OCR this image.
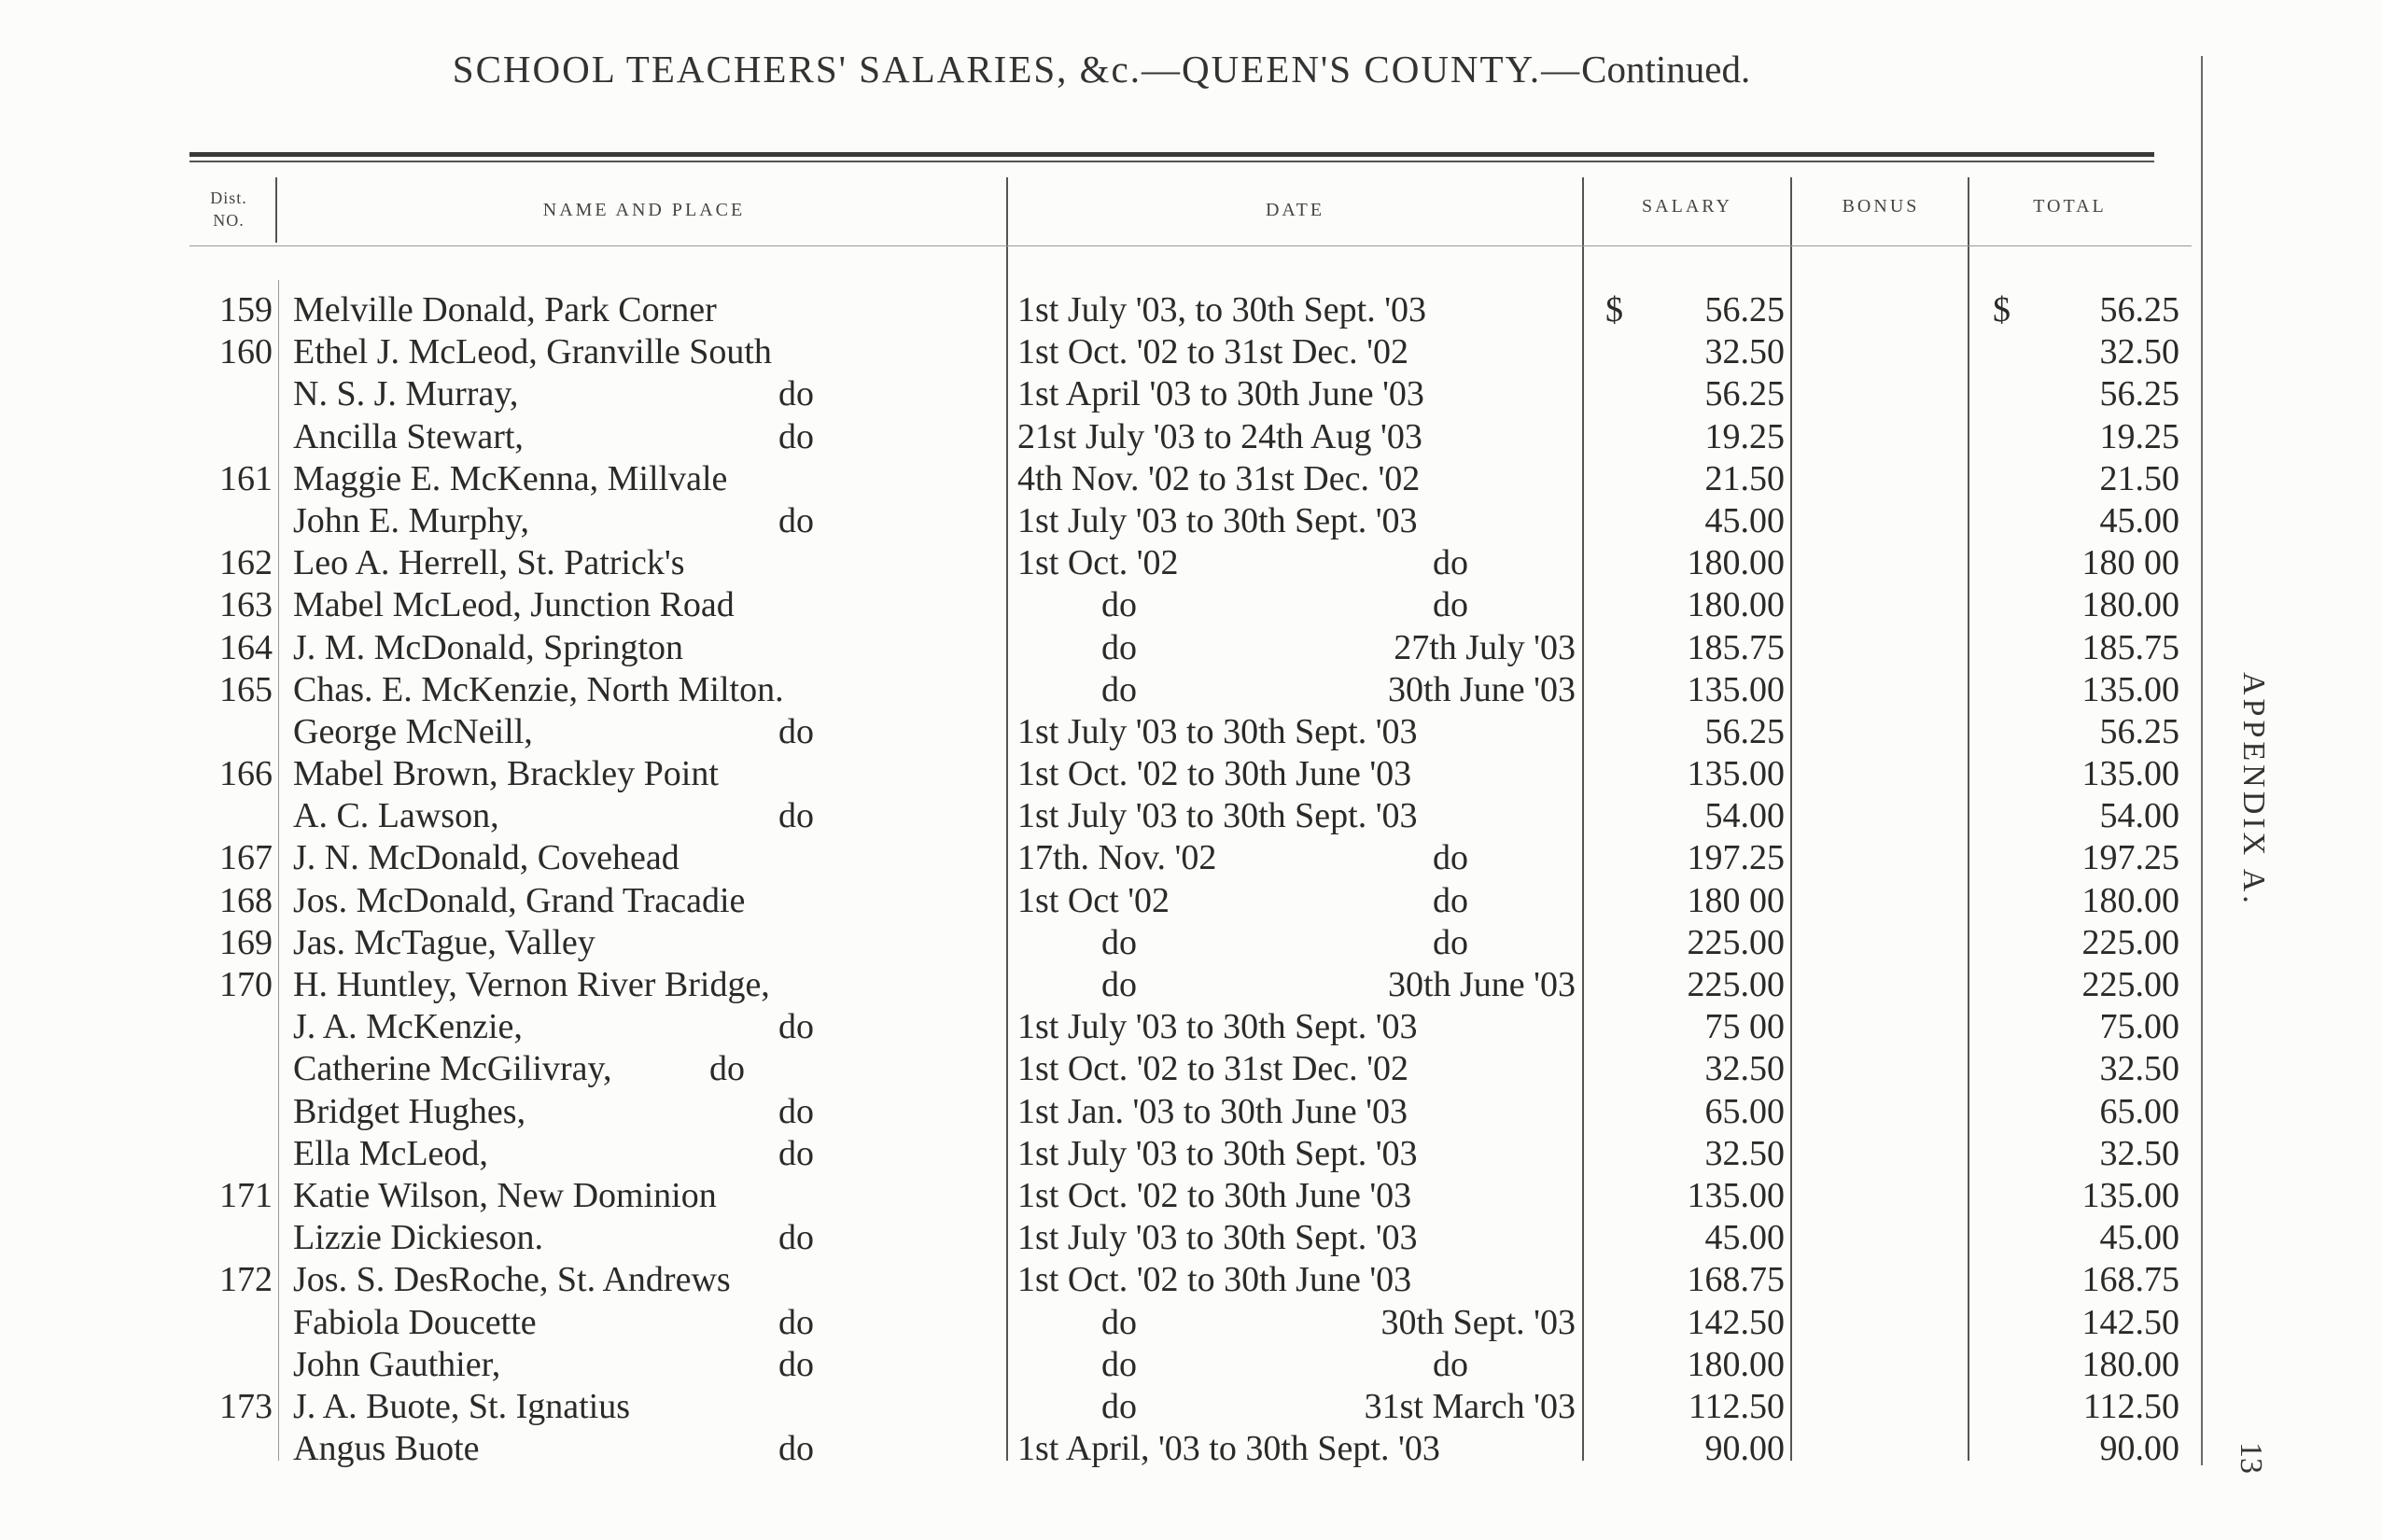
SCHOOL TEACHERS' SALARIES, &c.—QUEEN'S COUNTY.—Continued.
Dist.
NO.	NAME AND PLACE	DATE	SALARY	BONUS	TOTAL
159 Melville Donald, Park Corner	1st July '03, to 30th Sept. '03	56.25	56.25
$	$
160 Ethel J. McLeod, Granville South	1st Oct. '02 to 31st Dec. '02	32.50	32.50
N. S. J. Murray,	do	1st April '03 to 30th June '03	56.25	56.25
Ancilla Stewart,	do	21st July '03 to 24th Aug '03	19.25	19.25
161 Maggie E. McKenna, Millvale	4th Nov. '02 to 31st Dec. '02	21.50	21.50
John E. Murphy,	do	1st July '03 to 30th Sept. '03	45.00	45.00
162 Leo A. Herrell, St. Patrick's	1st Oct. '02	do	180.00	180 00
163 Mabel McLeod, Junction Road	do	do	180.00	180.00
164 J. M. McDonald, Springton	do	27th July '03	185.75	185.75
165 Chas. E. McKenzie, North Milton.	do	30th June '03	135.00	135.00
George McNeill,	do	1st July '03 to 30th Sept. '03	56.25	56.25
166 Mabel Brown, Brackley Point	1st Oct. '02 to 30th June '03	135.00	135.00
A. C. Lawson,	do	1st July '03 to 30th Sept. '03	54.00	54.00
167 J. N. McDonald, Covehead	17th. Nov. '02	do	197.25	197.25
168 Jos. McDonald, Grand Tracadie	1st Oct '02	do	180 00	180.00
169 Jas. McTague, Valley	do	do	225.00	225.00
170 H. Huntley, Vernon River Bridge,	do	30th June '03	225.00	225.00
J. A. McKenzie,	do	1st July '03 to 30th Sept. '03	75 00	75.00
Catherine McGilivray,	do	1st Oct. '02 to 31st Dec. '02	32.50	32.50
Bridget Hughes,	do	1st Jan. '03 to 30th June '03	65.00	65.00
Ella McLeod,	do	1st July '03 to 30th Sept. '03	32.50	32.50
171 Katie Wilson, New Dominion	1st Oct. '02 to 30th June '03	135.00	135.00
Lizzie Dickieson.	do	1st July '03 to 30th Sept. '03	45.00	45.00
172 Jos. S. DesRoche, St. Andrews	1st Oct. '02 to 30th June '03	168.75	168.75
Fabiola Doucette	do	do	30th Sept. '03	142.50	142.50
John Gauthier,	do	do	do	180.00	180.00
173 J. A. Buote, St. Ignatius	do	31st March '03	112.50	112.50
Angus Buote	do	1st April, '03 to 30th Sept. '03	90.00	90.00
APPENDIX A.
13
